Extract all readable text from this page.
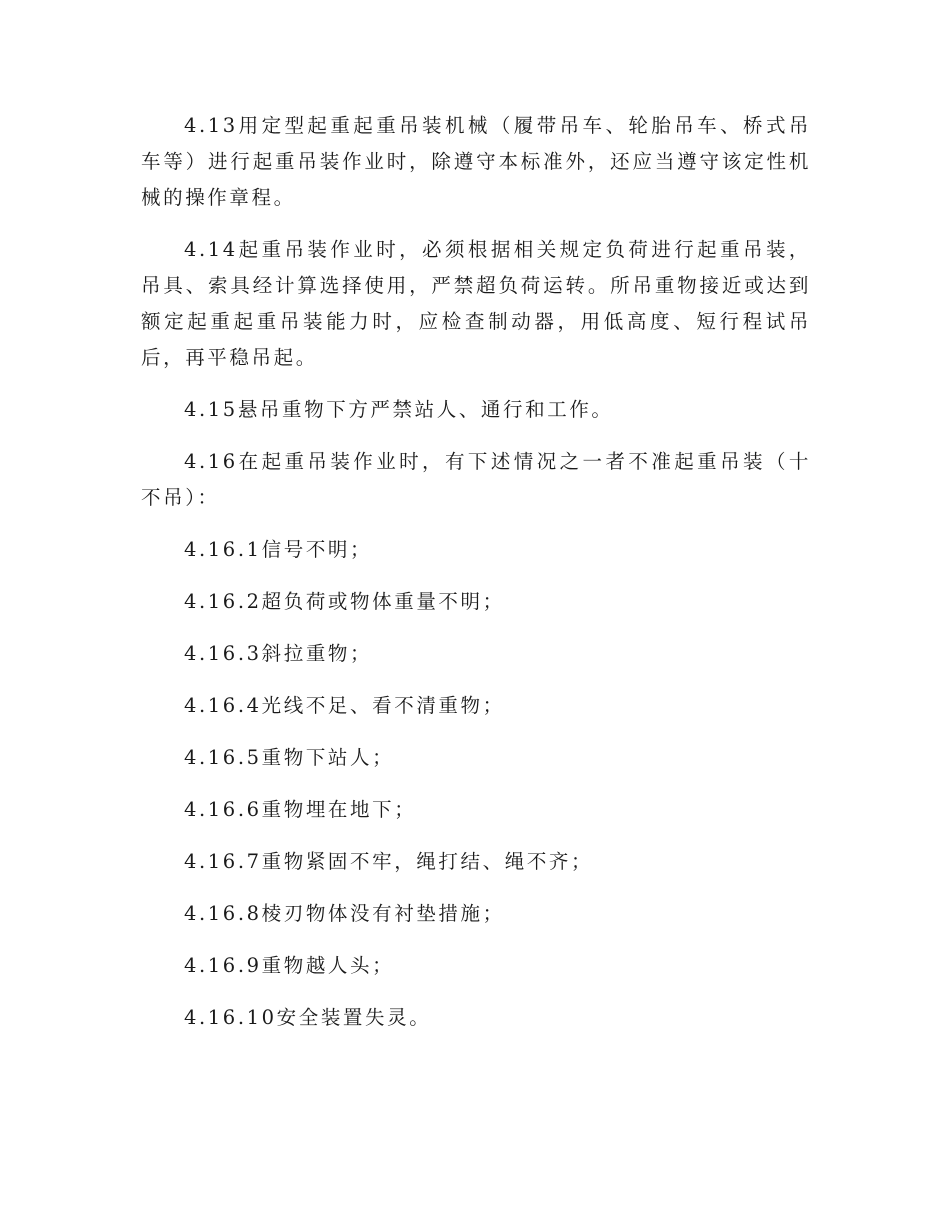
4.13用定型起重起重吊装机械（履带吊车、轮胎吊车、桥式吊车等）进行起重吊装作业时，除遵守本标准外，还应当遵守该定性机械的操作章程。

4.14起重吊装作业时，必须根据相关规定负荷进行起重吊装，吊具、索具经计算选择使用，严禁超负荷运转。所吊重物接近或达到额定起重起重吊装能力时，应检查制动器，用低高度、短行程试吊后，再平稳吊起。

4.15悬吊重物下方严禁站人、通行和工作。

4.16在起重吊装作业时，有下述情况之一者不准起重吊装（十不吊）：

4.16.1信号不明；

4.16.2超负荷或物体重量不明；

4.16.3斜拉重物；

4.16.4光线不足、看不清重物；

4.16.5重物下站人；

4.16.6重物埋在地下；

4.16.7重物紧固不牢，绳打结、绳不齐；

4.16.8棱刃物体没有衬垫措施；

4.16.9重物越人头；

4.16.10安全装置失灵。
